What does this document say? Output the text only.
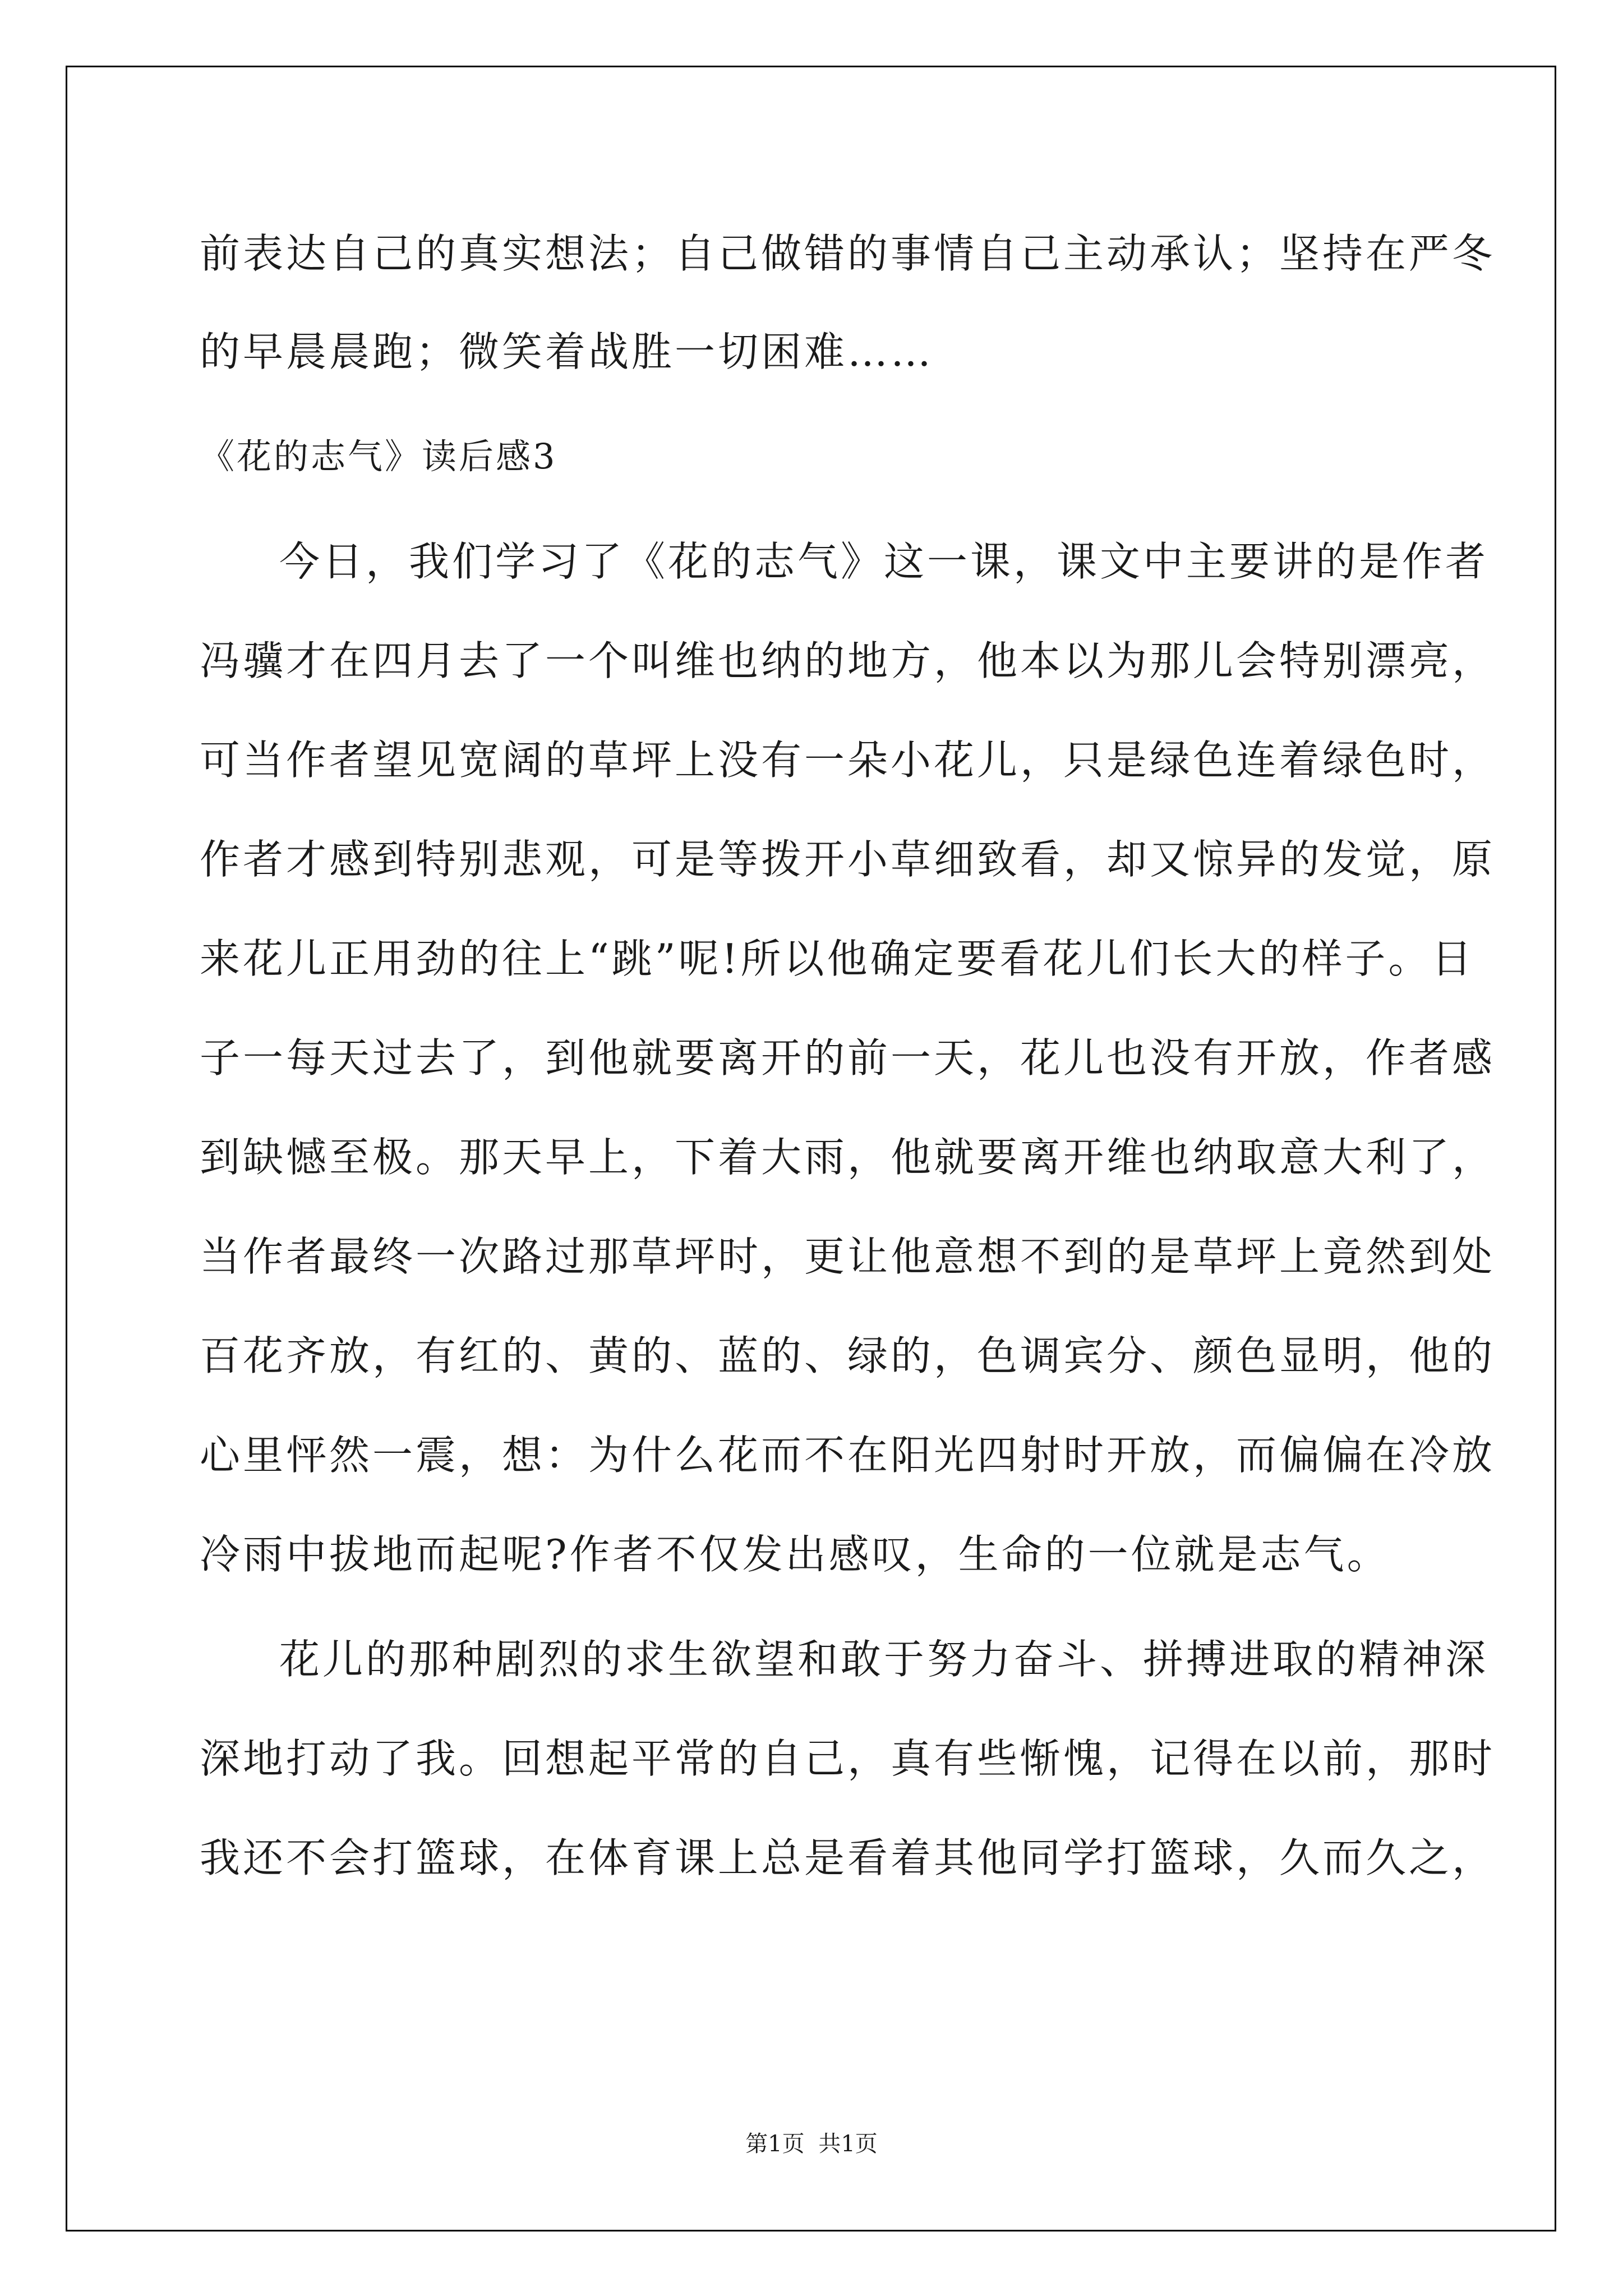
前表达自己的真实想法；自己做错的事情自己主动承认；坚持在严冬

的早晨晨跑；微笑着战胜一切困难……

《花的志气》读后感3

今日，我们学习了《花的志气》这一课，课文中主要讲的是作者

冯骥才在四月去了一个叫维也纳的地方，他本以为那儿会特别漂亮，

可当作者望见宽阔的草坪上没有一朵小花儿，只是绿色连着绿色时，

作者才感到特别悲观，可是等拨开小草细致看，却又惊异的发觉，原

来花儿正用劲的往上“跳”呢!所以他确定要看花儿们长大的样子。日

子一每天过去了，到他就要离开的前一天，花儿也没有开放，作者感

到缺憾至极。那天早上，下着大雨，他就要离开维也纳取意大利了，

当作者最终一次路过那草坪时，更让他意想不到的是草坪上竟然到处

百花齐放，有红的、黄的、蓝的、绿的，色调宾分、颜色显明，他的

心里怦然一震，想：为什么花而不在阳光四射时开放，而偏偏在冷放

冷雨中拔地而起呢?作者不仅发出感叹，生命的一位就是志气。

花儿的那种剧烈的求生欲望和敢于努力奋斗、拼搏进取的精神深

深地打动了我。回想起平常的自己，真有些惭愧，记得在以前，那时

我还不会打篮球，在体育课上总是看着其他同学打篮球，久而久之，

第1页 共1页
